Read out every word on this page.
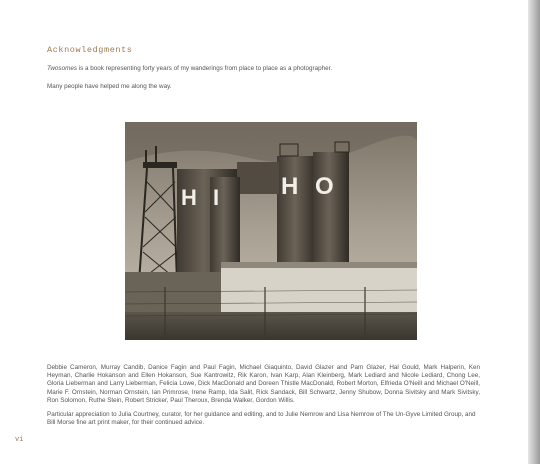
Acknowledgments

Twosomes is a book representing forty years of my wanderings from place to place as a photographer.

Many people have helped me along the way.

H I	H O

Debbie Cameron, Murray Candib, Danice Fagin and Paul Fagin, Michael Giaquinto, David Glazer and Pam Glazer, Hal Gould, Mark Halperin, Ken Heyman, Charlie Hokanson and Ellen Hokanson, Sue Kantrowitz, Rik Karon, Ivan Karp, Alan Kleinberg, Mark Lediard and Nicole Lediard, Chong Lee, Gloria Lieberman and Larry Lieberman, Felicia Lowe, Dick MacDonald and Doreen Thistle MacDonald, Robert Morton, Elfrieda O'Neill and Michael O'Neill, Marie F. Ornstein, Norman Ornstein, Ian Primrose, Irene Ramp, Ida Salit, Rick Sandack, Bill Schwartz, Jenny Shubow, Donna Sivitsky and Mark Sivitsky, Ron Solomon, Ruthe Stein, Robert Stricker, Paul Theroux, Brenda Walker, Gordon Willis.

Particular appreciation to Julia Courtney, curator, for her guidance and editing, and to Julie Nemrow and Lisa Nemrow of The Un-Gyve Limited Group, and Bill Morse fine art print maker, for their continued advice.

vi
